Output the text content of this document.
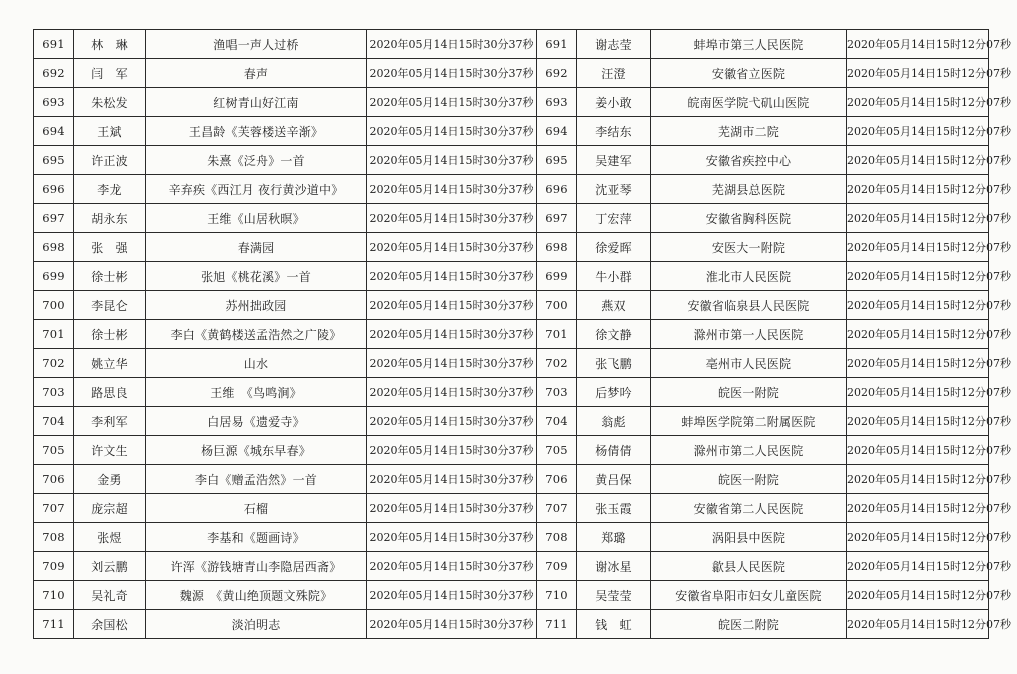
691	林　琳	渔唱一声人过桥	2020年05月14日15时30分37秒	691	谢志莹	蚌埠市第三人民医院	2020年05月14日15时12分07秒
692	闫　军	春声	2020年05月14日15时30分37秒	692	汪澄	安徽省立医院	2020年05月14日15时12分07秒
693	朱松发	红树青山好江南	2020年05月14日15时30分37秒	693	姜小敢	皖南医学院弋矶山医院	2020年05月14日15时12分07秒
694	王斌	王昌龄《芙蓉楼送辛渐》	2020年05月14日15时30分37秒	694	李结东	芜湖市二院	2020年05月14日15时12分07秒
695	许正波	朱熹《泛舟》一首	2020年05月14日15时30分37秒	695	吴建军	安徽省疾控中心	2020年05月14日15时12分07秒
696	李龙	辛弃疾《西江月 夜行黄沙道中》	2020年05月14日15时30分37秒	696	沈亚琴	芜湖县总医院	2020年05月14日15时12分07秒
697	胡永东	王维《山居秋暝》	2020年05月14日15时30分37秒	697	丁宏萍	安徽省胸科医院	2020年05月14日15时12分07秒
698	张　强	春满园	2020年05月14日15时30分37秒	698	徐爱晖	安医大一附院	2020年05月14日15时12分07秒
699	徐士彬	张旭《桃花溪》一首	2020年05月14日15时30分37秒	699	牛小群	淮北市人民医院	2020年05月14日15时12分07秒
700	李昆仑	苏州拙政园	2020年05月14日15时30分37秒	700	燕双	安徽省临泉县人民医院	2020年05月14日15时12分07秒
701	徐士彬	李白《黄鹤楼送孟浩然之广陵》	2020年05月14日15时30分37秒	701	徐文静	滁州市第一人民医院	2020年05月14日15时12分07秒
702	姚立华	山水	2020年05月14日15时30分37秒	702	张飞鹏	亳州市人民医院	2020年05月14日15时12分07秒
703	路思良	王维　《鸟鸣涧》	2020年05月14日15时30分37秒	703	后梦吟	皖医一附院	2020年05月14日15时12分07秒
704	李利军	白居易《遗爱寺》	2020年05月14日15时30分37秒	704	翁彪	蚌埠医学院第二附属医院	2020年05月14日15时12分07秒
705	许文生	杨巨源《城东早春》	2020年05月14日15时30分37秒	705	杨倩倩	滁州市第二人民医院	2020年05月14日15时12分07秒
706	金勇	李白《赠孟浩然》一首	2020年05月14日15时30分37秒	706	黄吕保	皖医一附院	2020年05月14日15时12分07秒
707	庞宗超	石榴	2020年05月14日15时30分37秒	707	张玉霞	安徽省第二人民医院	2020年05月14日15时12分07秒
708	张煜	李基和《题画诗》	2020年05月14日15时30分37秒	708	郑璐	涡阳县中医院	2020年05月14日15时12分07秒
709	刘云鹏	许浑《游钱塘青山李隐居西斋》	2020年05月14日15时30分37秒	709	谢冰星	歙县人民医院	2020年05月14日15时12分07秒
710	吴礼奇	魏源　《黄山绝顶题文殊院》	2020年05月14日15时30分37秒	710	吴莹莹	安徽省阜阳市妇女儿童医院	2020年05月14日15时12分07秒
711	余国松	淡泊明志	2020年05月14日15时30分37秒	711	钱　虹	皖医二附院	2020年05月14日15时12分07秒
